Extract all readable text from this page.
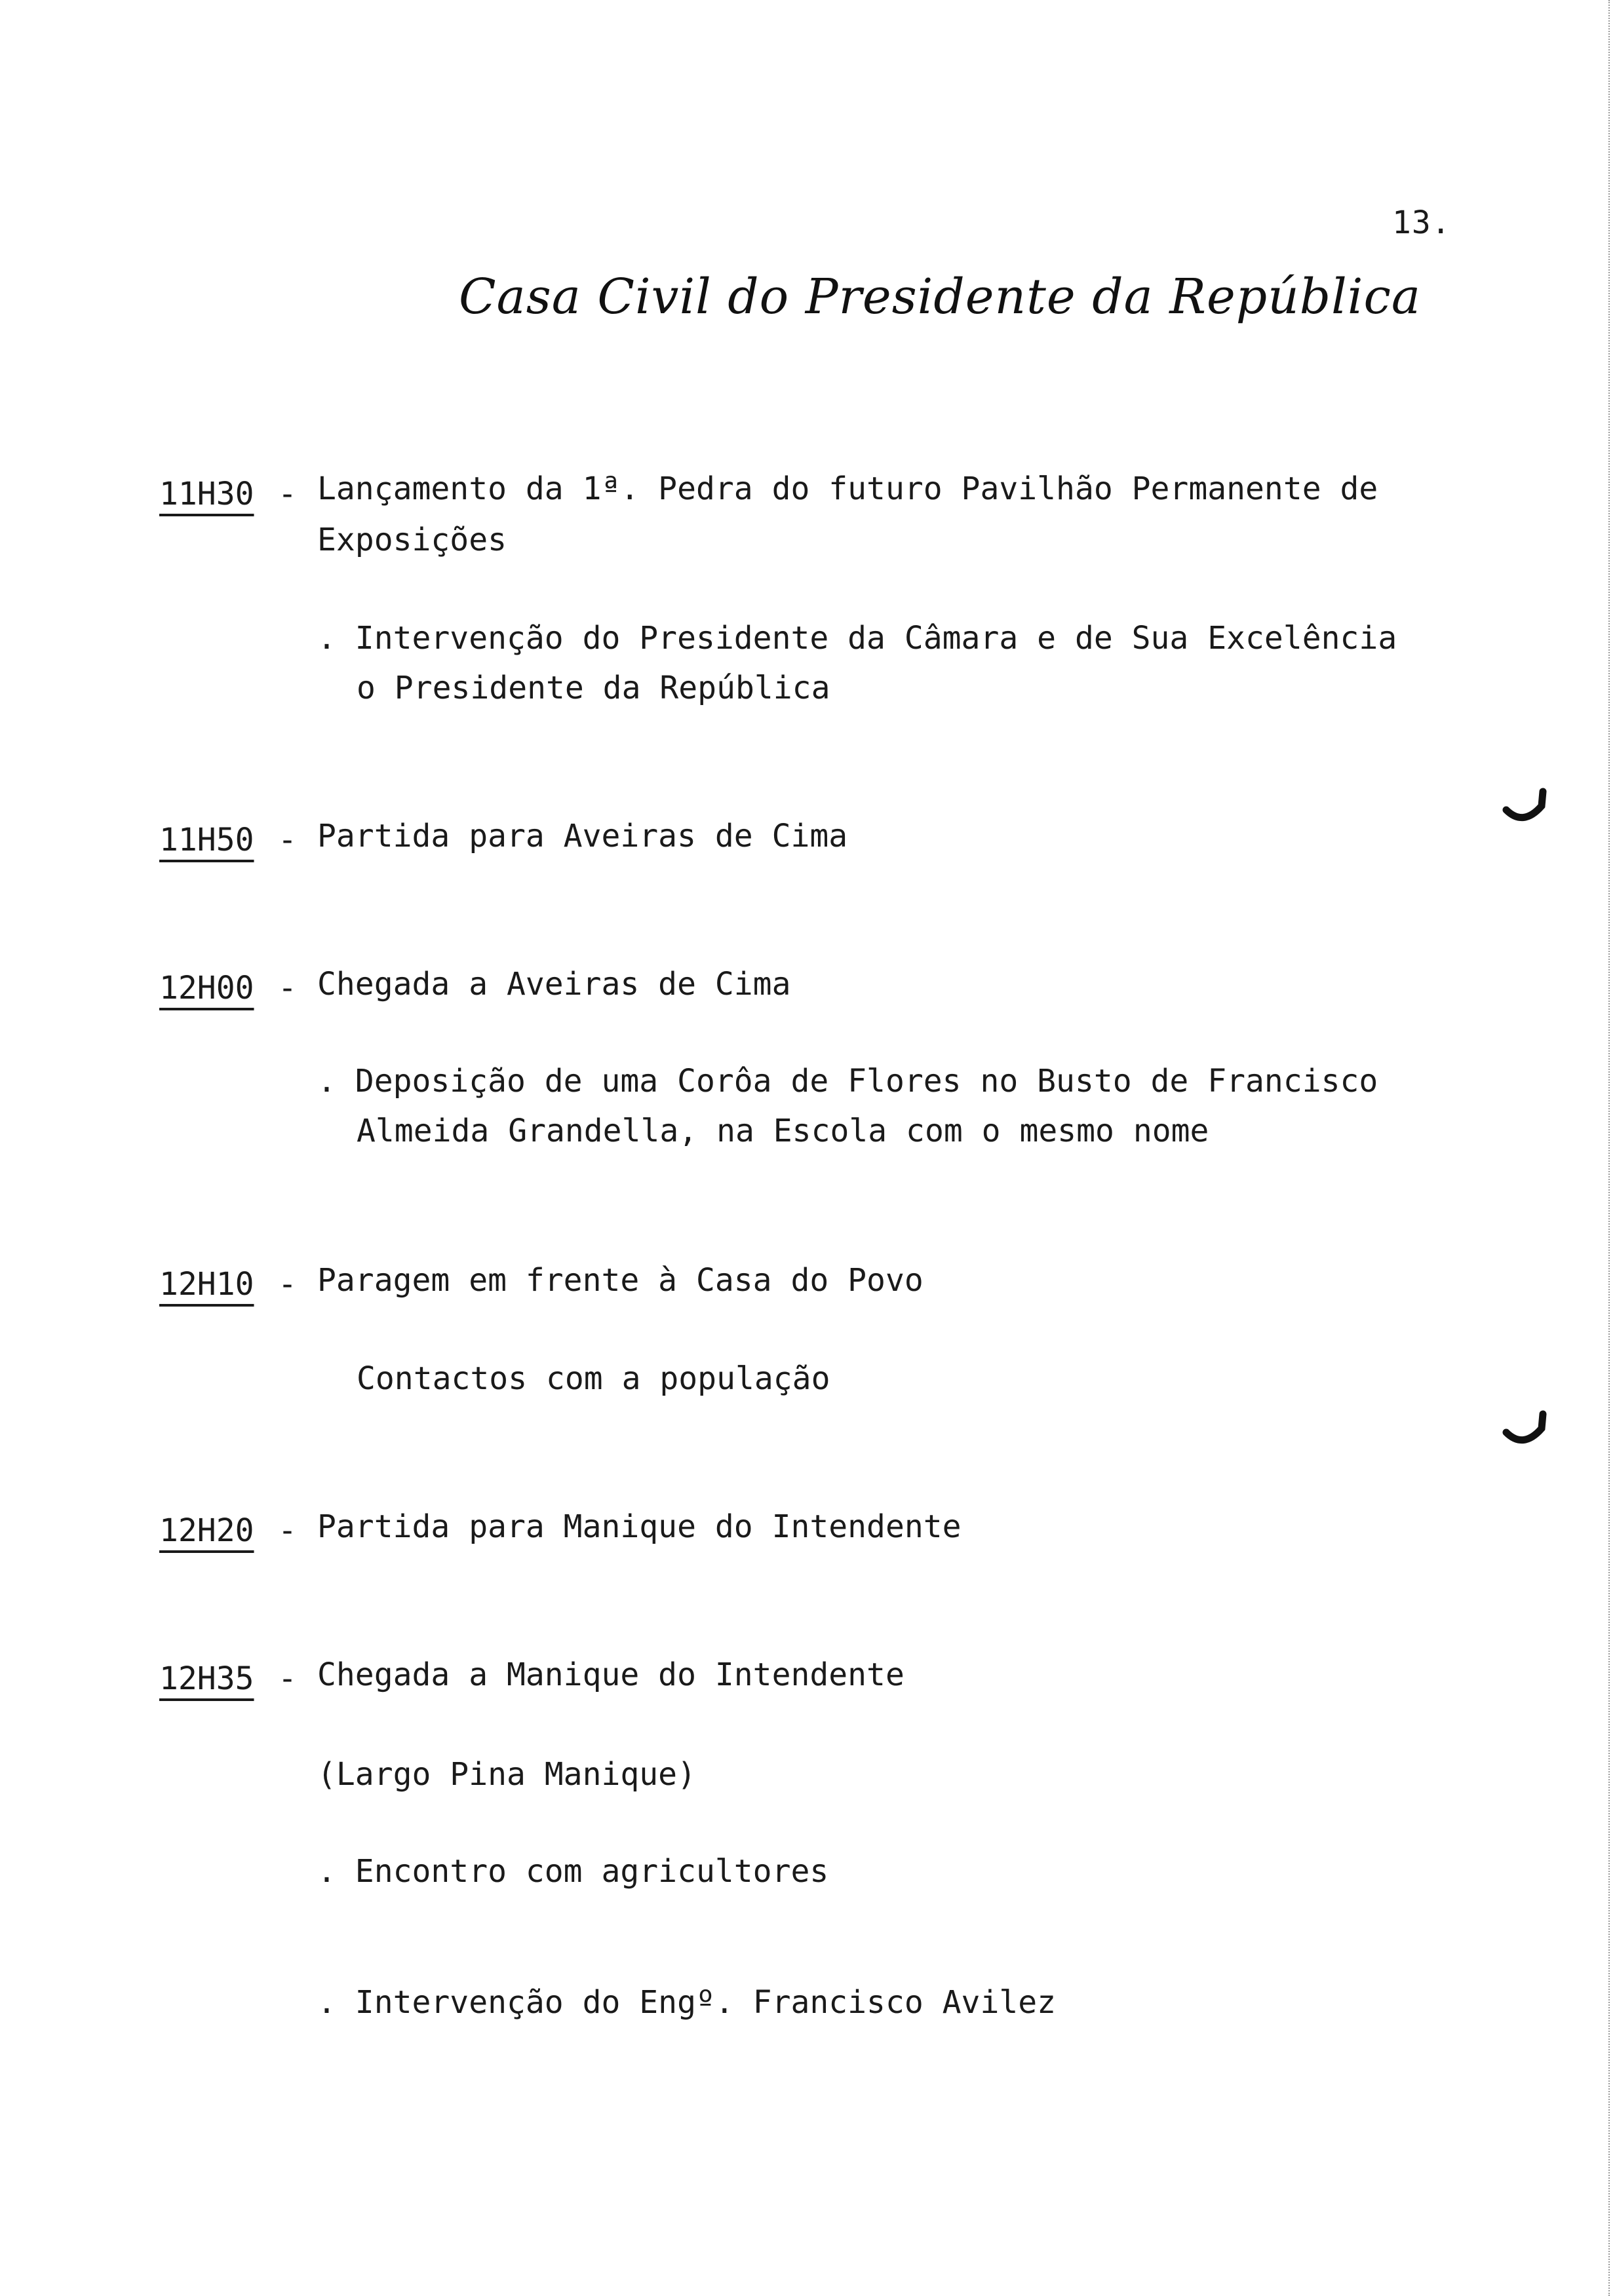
13.
Casa Civil do Presidente da República
11H30 - Lançamento da 1ª. Pedra do futuro Pavilhão Permanente de
Exposições
. Intervenção do Presidente da Câmara e de Sua Excelência
o Presidente da República
11H50 - Partida para Aveiras de Cima
12H00 - Chegada a Aveiras de Cima
. Deposição de uma Corôa de Flores no Busto de Francisco
Almeida Grandella, na Escola com o mesmo nome
12H10 - Paragem em frente à Casa do Povo
Contactos com a população
12H20 - Partida para Manique do Intendente
12H35 - Chegada a Manique do Intendente
(Largo Pina Manique)
. Encontro com agricultores
. Intervenção do Engº. Francisco Avilez
